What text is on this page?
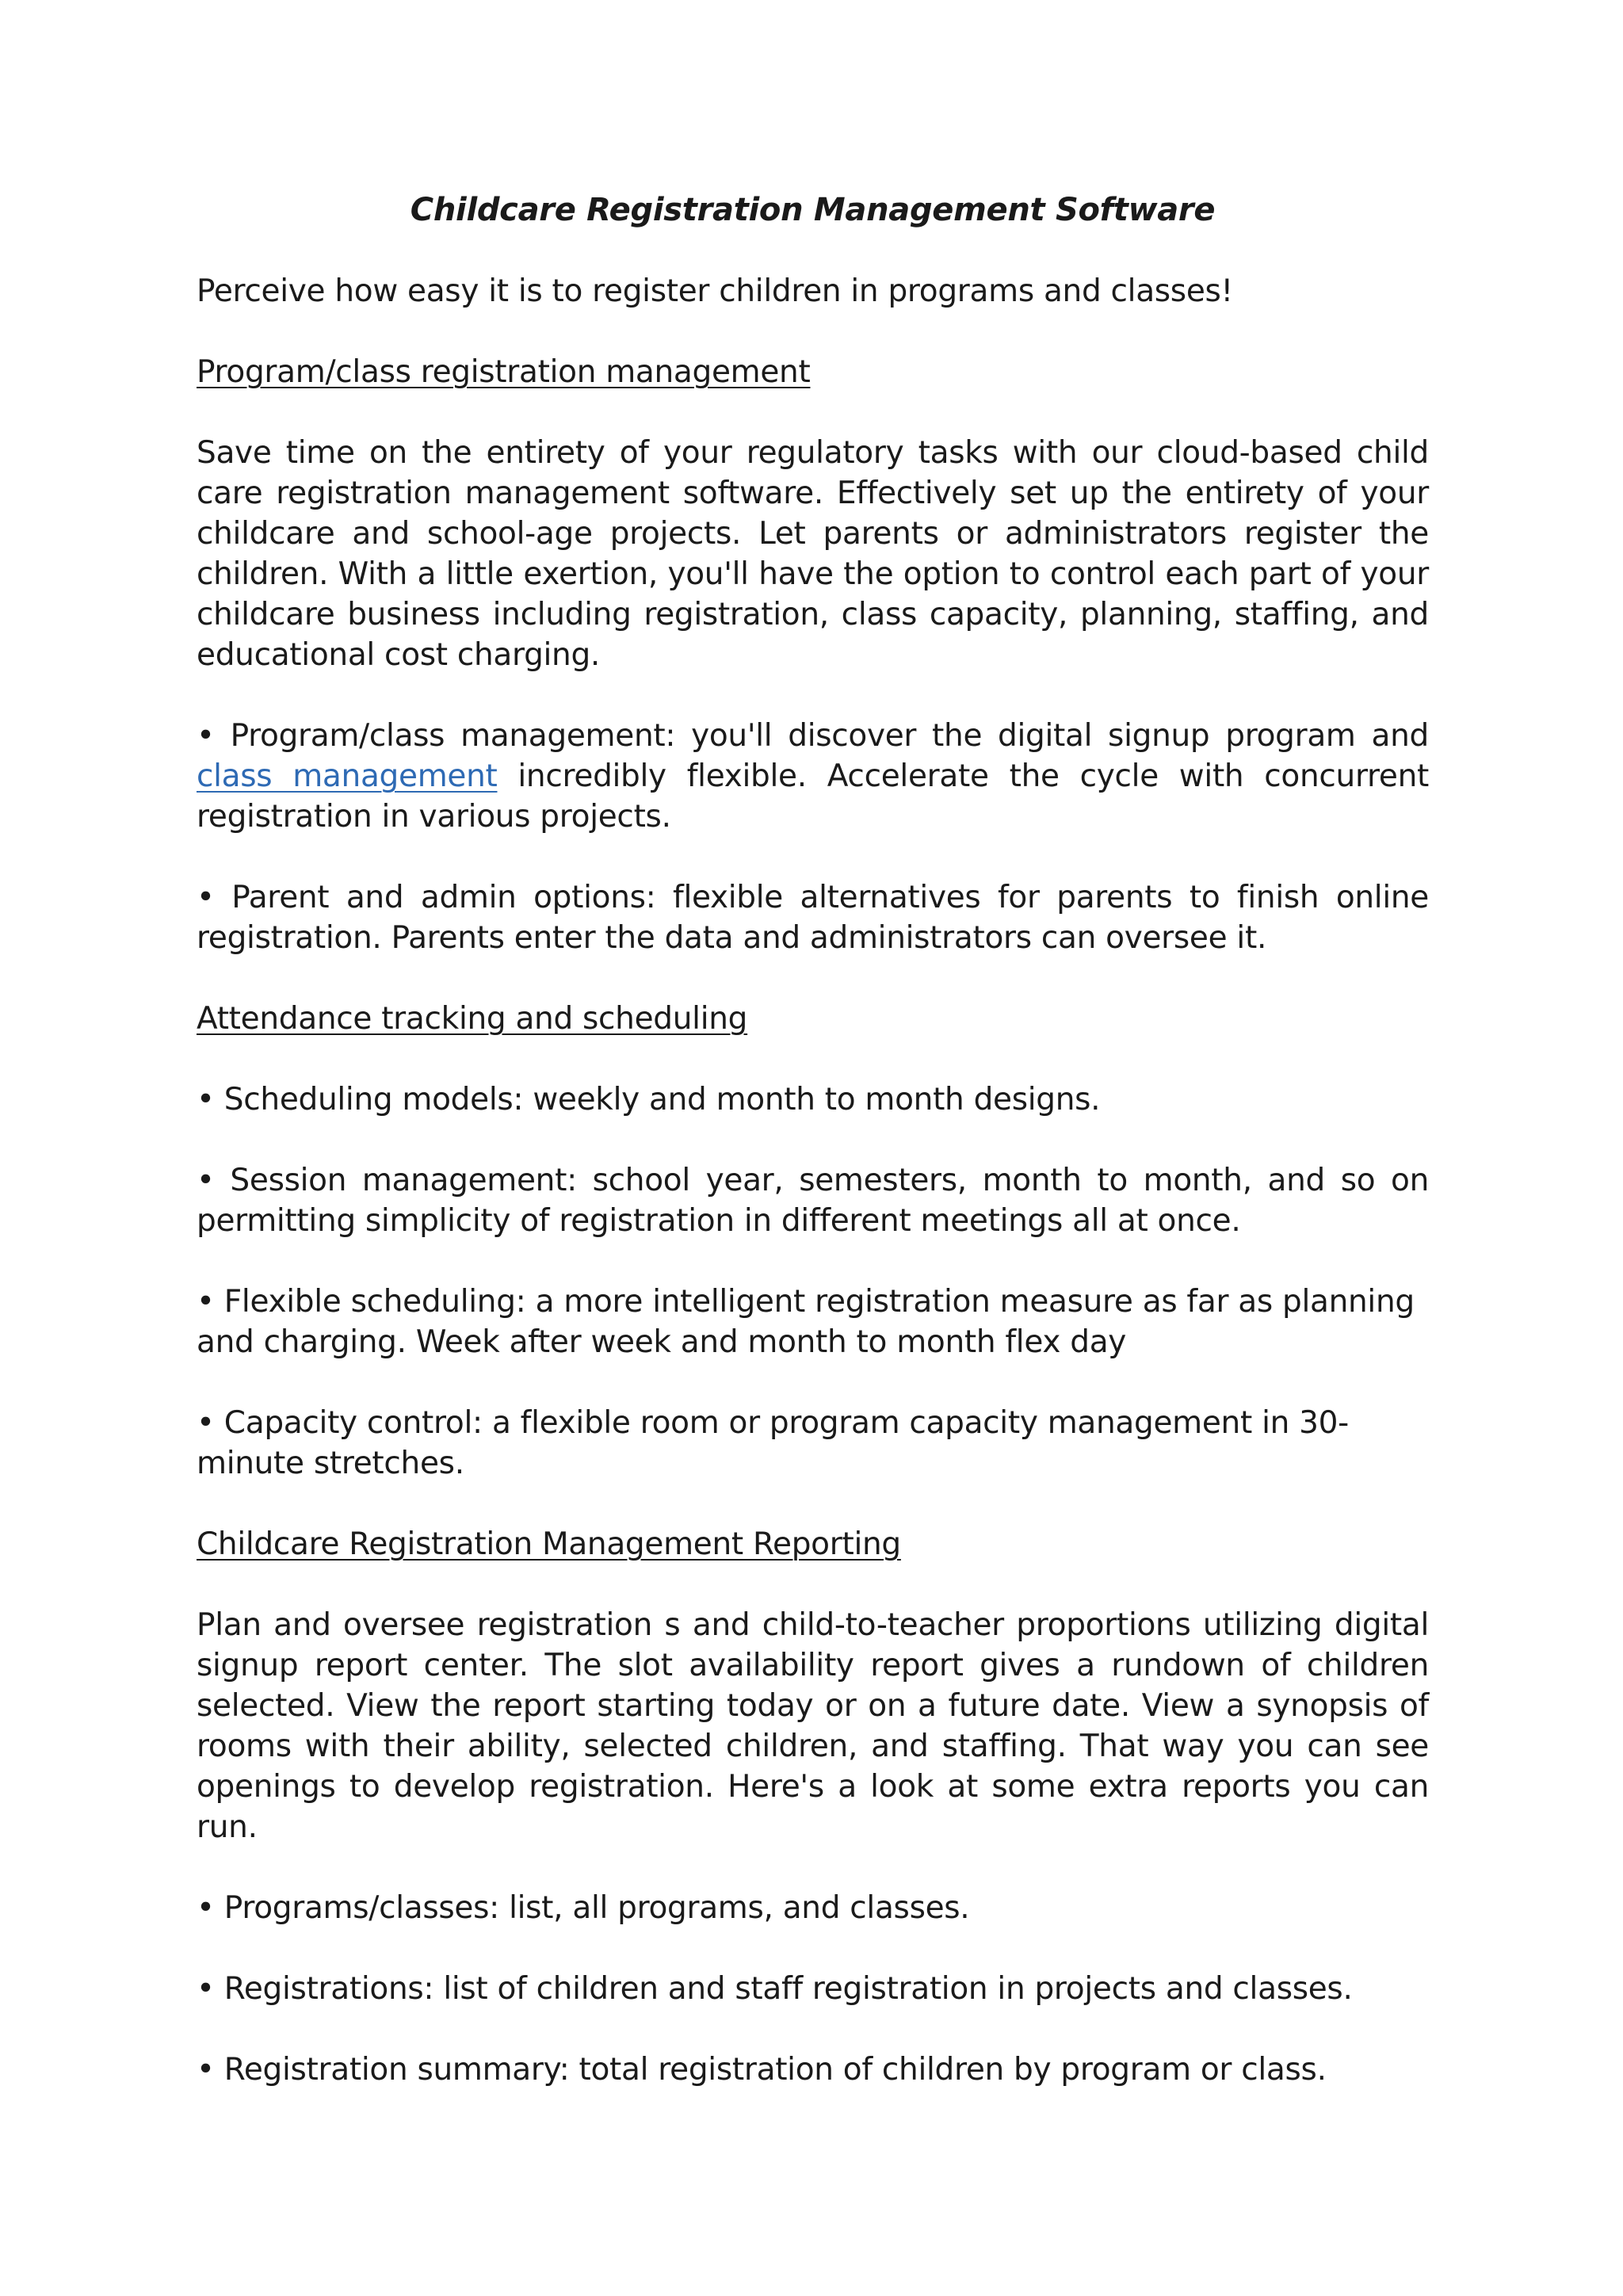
Childcare Registration Management Software

Perceive how easy it is to register children in programs and classes!

Program/class registration management

Save time on the entirety of your regulatory tasks with our cloud-based child care registration management software. Effectively set up the entirety of your childcare and school-age projects. Let parents or administrators register the children. With a little exertion, you'll have the option to control each part of your childcare business including registration, class capacity, planning, staffing, and educational cost charging.

• Program/class management: you'll discover the digital signup program and class management incredibly flexible. Accelerate the cycle with concurrent registration in various projects.

• Parent and admin options: flexible alternatives for parents to finish online registration. Parents enter the data and administrators can oversee it.

Attendance tracking and scheduling

• Scheduling models: weekly and month to month designs.

• Session management: school year, semesters, month to month, and so on permitting simplicity of registration in different meetings all at once.

• Flexible scheduling: a more intelligent registration measure as far as planning and charging. Week after week and month to month flex day

• Capacity control: a flexible room or program capacity management in 30-minute stretches.

Childcare Registration Management Reporting

Plan and oversee registration s and child-to-teacher proportions utilizing digital signup report center. The slot availability report gives a rundown of children selected. View the report starting today or on a future date. View a synopsis of rooms with their ability, selected children, and staffing. That way you can see openings to develop registration. Here's a look at some extra reports you can run.

• Programs/classes: list, all programs, and classes.

• Registrations: list of children and staff registration in projects and classes.

• Registration summary: total registration of children by program or class.
